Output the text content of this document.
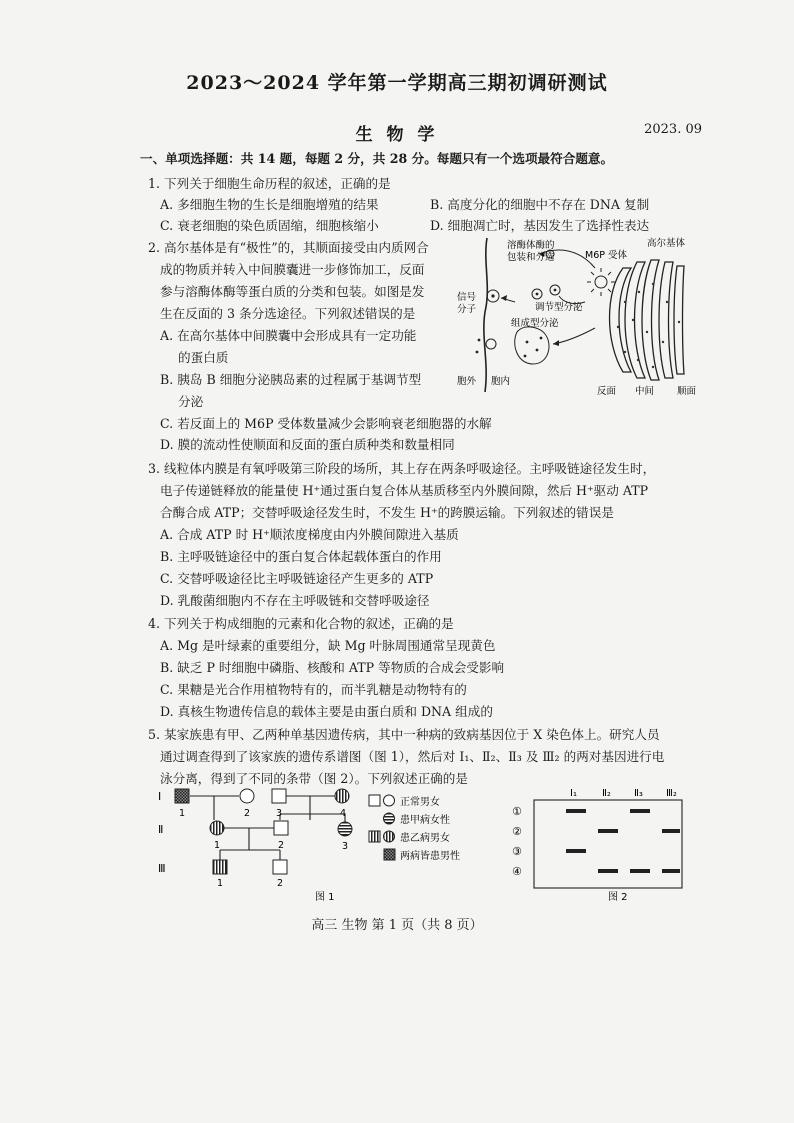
2023～2024 学年第一学期高三期初调研测试
生 物 学	2023. 09
一、单项选择题：共 14 题，每题 2 分，共 28 分。每题只有一个选项最符合题意。
1. 下列关于细胞生命历程的叙述，正确的是
A. 多细胞生物的生长是细胞增殖的结果	B. 高度分化的细胞中不存在 DNA 复制
C. 衰老细胞的染色质固缩，细胞核缩小	D. 细胞凋亡时，基因发生了选择性表达
2. 高尔基体是有“极性”的，其顺面接受由内质网合
成的物质并转入中间膜囊进一步修饰加工，反面
参与溶酶体酶等蛋白质的分类和包装。如图是发
生在反面的 3 条分选途径。下列叙述错误的是
A. 在高尔基体中间膜囊中会形成具有一定功能
的蛋白质
B. 胰岛 B 细胞分泌胰岛素的过程属于基调节型
分泌
C. 若反面上的 M6P 受体数量减少会影响衰老细胞器的水解
D. 膜的流动性使顺面和反面的蛋白质种类和数量相同
溶酶体酶的
包装和分选	M6P 受体
高尔基体
信号
分子	调节型分泌
组成型分泌
胞外 胞内
反面 中间 顺面
3. 线粒体内膜是有氧呼吸第三阶段的场所，其上存在两条呼吸途径。主呼吸链途径发生时，
电子传递链释放的能量使 H⁺通过蛋白复合体从基质移至内外膜间隙，然后 H⁺驱动 ATP
合酶合成 ATP；交替呼吸途径发生时，不发生 H⁺的跨膜运输。下列叙述的错误是
A. 合成 ATP 时 H⁺顺浓度梯度由内外膜间隙进入基质
B. 主呼吸链途径中的蛋白复合体起载体蛋白的作用
C. 交替呼吸途径比主呼吸链途径产生更多的 ATP
D. 乳酸菌细胞内不存在主呼吸链和交替呼吸途径
4. 下列关于构成细胞的元素和化合物的叙述，正确的是
A. Mg 是叶绿素的重要组分，缺 Mg 叶脉周围通常呈现黄色
B. 缺乏 P 时细胞中磷脂、核酸和 ATP 等物质的合成会受影响
C. 果糖是光合作用植物特有的，而半乳糖是动物特有的
D. 真核生物遗传信息的载体主要是由蛋白质和 DNA 组成的
5. 某家族患有甲、乙两种单基因遗传病，其中一种病的致病基因位于 X 染色体上。研究人员
通过调查得到了该家族的遗传系谱图（图 1），然后对 Ⅰ₁、Ⅱ₂、Ⅱ₃ 及 Ⅲ₂ 的两对基因进行电
泳分离，得到了不同的条带（图 2）。下列叙述正确的是
Ⅰ
Ⅱ
Ⅲ
1	2	3	4
1	2	3
1	2
图 1
正常男女
患甲病女性
患乙病男女
两病皆患男性
Ⅰ₁	Ⅱ₂ Ⅱ₃ Ⅲ₂
①
②
③
④
图 2
高三 生物 第 1 页（共 8 页）
